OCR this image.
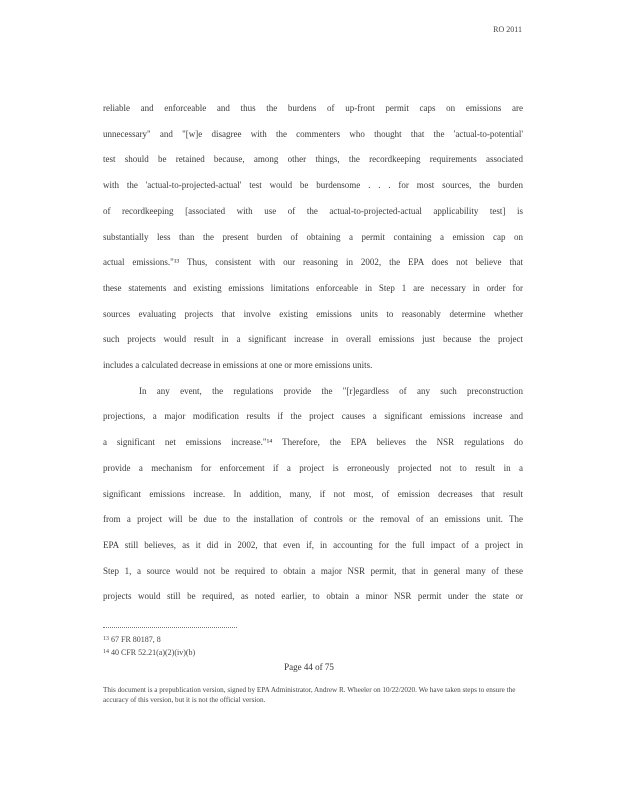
RO 2011
reliable and enforceable and thus the burdens of up-front permit caps on emissions are
unnecessary" and "[w]e disagree with the commenters who thought that the 'actual-to-potential'
test should be retained because, among other things, the recordkeeping requirements associated
with the 'actual-to-projected-actual' test would be burdensome . . . for most sources, the burden
of recordkeeping [associated with use of the actual-to-projected-actual applicability test] is
substantially less than the present burden of obtaining a permit containing a emission cap on
actual emissions."¹³ Thus, consistent with our reasoning in 2002, the EPA does not believe that
these statements and existing emissions limitations enforceable in Step 1 are necessary in order for
sources evaluating projects that involve existing emissions units to reasonably determine whether
such projects would result in a significant increase in overall emissions just because the project
includes a calculated decrease in emissions at one or more emissions units.
In any event, the regulations provide the "[r]egardless of any such preconstruction
projections, a major modification results if the project causes a significant emissions increase and
a significant net emissions increase."¹⁴ Therefore, the EPA believes the NSR regulations do
provide a mechanism for enforcement if a project is erroneously projected not to result in a
significant emissions increase. In addition, many, if not most, of emission decreases that result
from a project will be due to the installation of controls or the removal of an emissions unit. The
EPA still believes, as it did in 2002, that even if, in accounting for the full impact of a project in
Step 1, a source would not be required to obtain a major NSR permit, that in general many of these
projects would still be required, as noted earlier, to obtain a minor NSR permit under the state or
$^{13}$ 67 FR 80187, 8
$^{14}$ 40 CFR 52.21(a)(2)(iv)(b)
Page 44 of 75
This document is a prepublication version, signed by EPA Administrator, Andrew R. Wheeler on 10/22/2020. We have taken steps to ensure the accuracy of this version, but it is not the official version.
